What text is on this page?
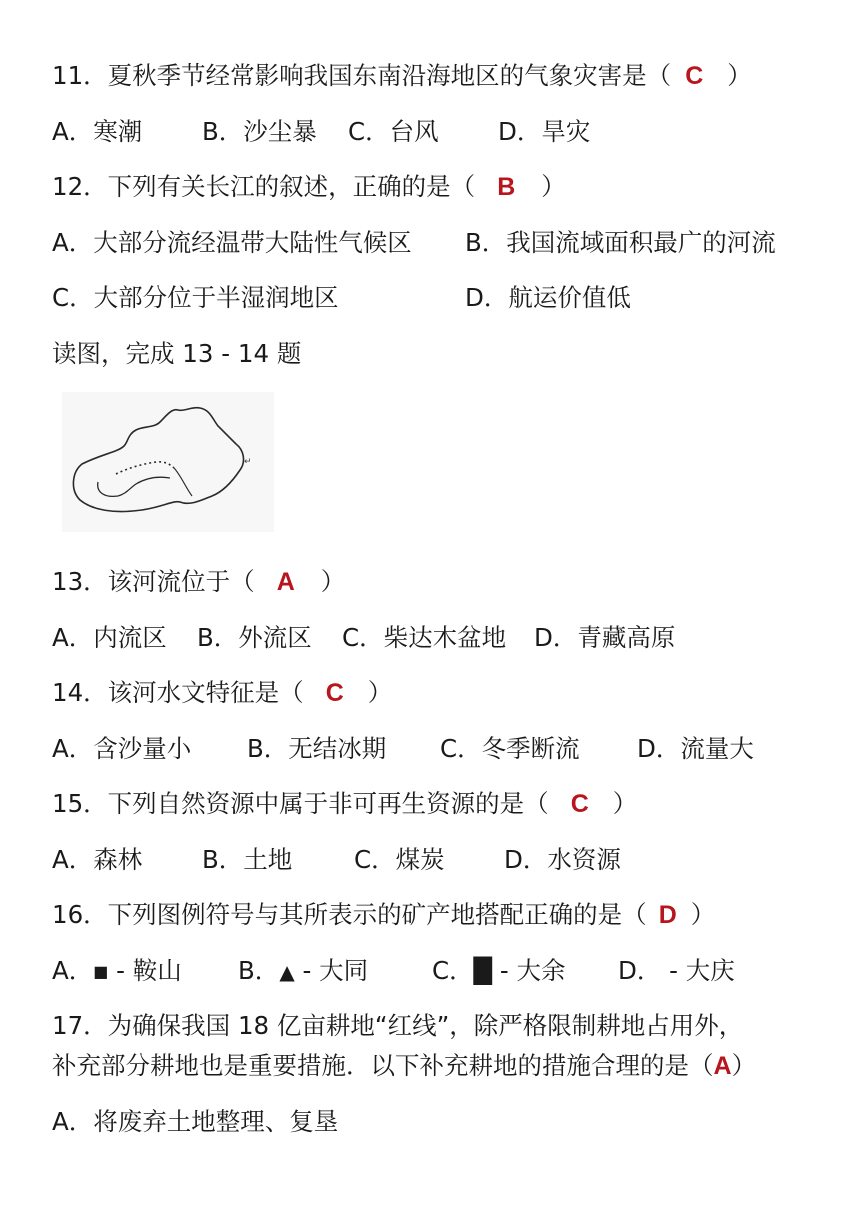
11．夏秋季节经常影响我国东南沿海地区的气象灾害是（ C ）
A．寒潮 B．沙尘暴 C．台风 D．旱灾
12．下列有关长江的叙述，正确的是（ B ）
A．大部分流经温带大陆性气候区 B．我国流域面积最广的河流
C．大部分位于半湿润地区	D．航运价值低
读图，完成 13 - 14 题
↵
13．该河流位于（ A ）
A．内流区 B．外流区 C．柴达木盆地 D．青藏高原
14．该河水文特征是（ C ）
A．含沙量小 B．无结冰期 C．冬季断流 D．流量大
15．下列自然资源中属于非可再生资源的是（ C ）
A．森林 B．土地	C．煤炭 D．水资源
16．下列图例符号与其所表示的矿产地搭配正确的是（ D ）
A．■ - 鞍山 B．▲ - 大同	C．█ - 大余 D． - 大庆
17．为确保我国 18 亿亩耕地“红线”，除严格限制耕地占用外，
补充部分耕地也是重要措施．以下补充耕地的措施合理的是（A）
A．将废弃土地整理、复垦
